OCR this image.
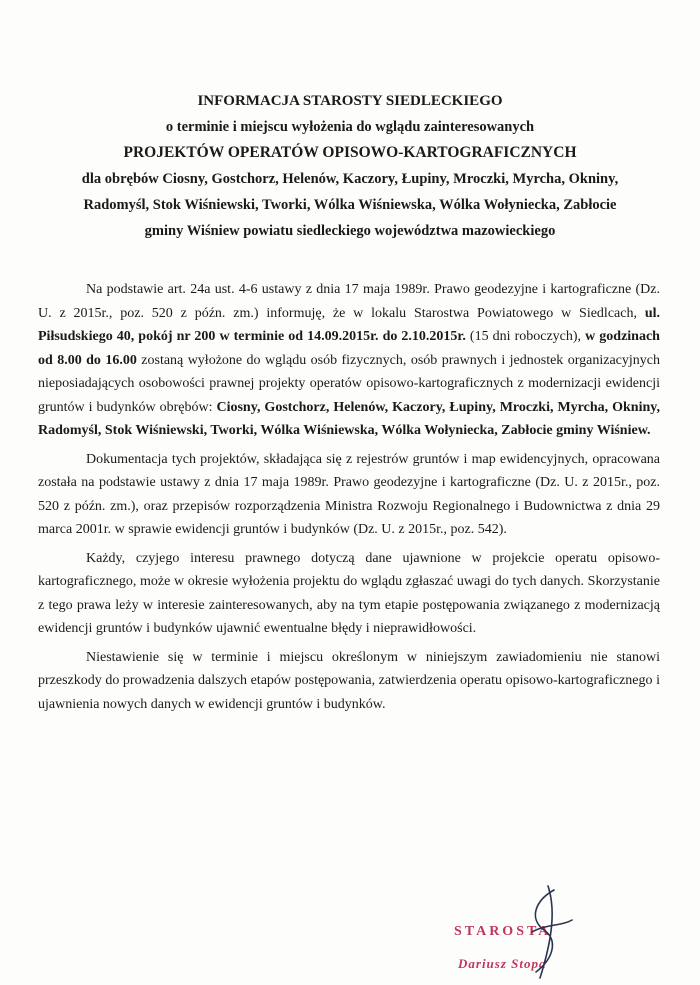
INFORMACJA STAROSTY SIEDLECKIEGO
o terminie i miejscu wyłożenia do wglądu zainteresowanych
PROJEKTÓW OPERATÓW OPISOWO-KARTOGRAFICZNYCH
dla obrębów Ciosny, Gostchorz, Helenów, Kaczory, Łupiny, Mroczki, Myrcha, Okniny,
Radomyśl, Stok Wiśniewski, Tworki, Wólka Wiśniewska, Wólka Wołyniecka, Zabłocie
gminy Wiśniew powiatu siedleckiego województwa mazowieckiego

Na podstawie art. 24a ust. 4-6 ustawy z dnia 17 maja 1989r. Prawo geodezyjne i kartograficzne (Dz. U. z 2015r., poz. 520 z późn. zm.) informuję, że w lokalu Starostwa Powiatowego w Siedlcach, ul. Piłsudskiego 40, pokój nr 200 w terminie od 14.09.2015r. do 2.10.2015r. (15 dni roboczych), w godzinach od 8.00 do 16.00 zostaną wyłożone do wglądu osób fizycznych, osób prawnych i jednostek organizacyjnych nieposiadających osobowości prawnej projekty operatów opisowo-kartograficznych z modernizacji ewidencji gruntów i budynków obrębów: Ciosny, Gostchorz, Helenów, Kaczory, Łupiny, Mroczki, Myrcha, Okniny, Radomyśl, Stok Wiśniewski, Tworki, Wólka Wiśniewska, Wólka Wołyniecka, Zabłocie gminy Wiśniew.

Dokumentacja tych projektów, składająca się z rejestrów gruntów i map ewidencyjnych, opracowana została na podstawie ustawy z dnia 17 maja 1989r. Prawo geodezyjne i kartograficzne (Dz. U. z 2015r., poz. 520 z późn. zm.), oraz przepisów rozporządzenia Ministra Rozwoju Regionalnego i Budownictwa z dnia 29 marca 2001r. w sprawie ewidencji gruntów i budynków (Dz. U. z 2015r., poz. 542).

Każdy, czyjego interesu prawnego dotyczą dane ujawnione w projekcie operatu opisowo-kartograficznego, może w okresie wyłożenia projektu do wglądu zgłaszać uwagi do tych danych. Skorzystanie z tego prawa leży w interesie zainteresowanych, aby na tym etapie postępowania związanego z modernizacją ewidencji gruntów i budynków ujawnić ewentualne błędy i nieprawidłowości.

Niestawienie się w terminie i miejscu określonym w niniejszym zawiadomieniu nie stanowi przeszkody do prowadzenia dalszych etapów postępowania, zatwierdzenia operatu opisowo-kartograficznego i ujawnienia nowych danych w ewidencji gruntów i budynków.

STAROSTA
Dariusz Stopa
